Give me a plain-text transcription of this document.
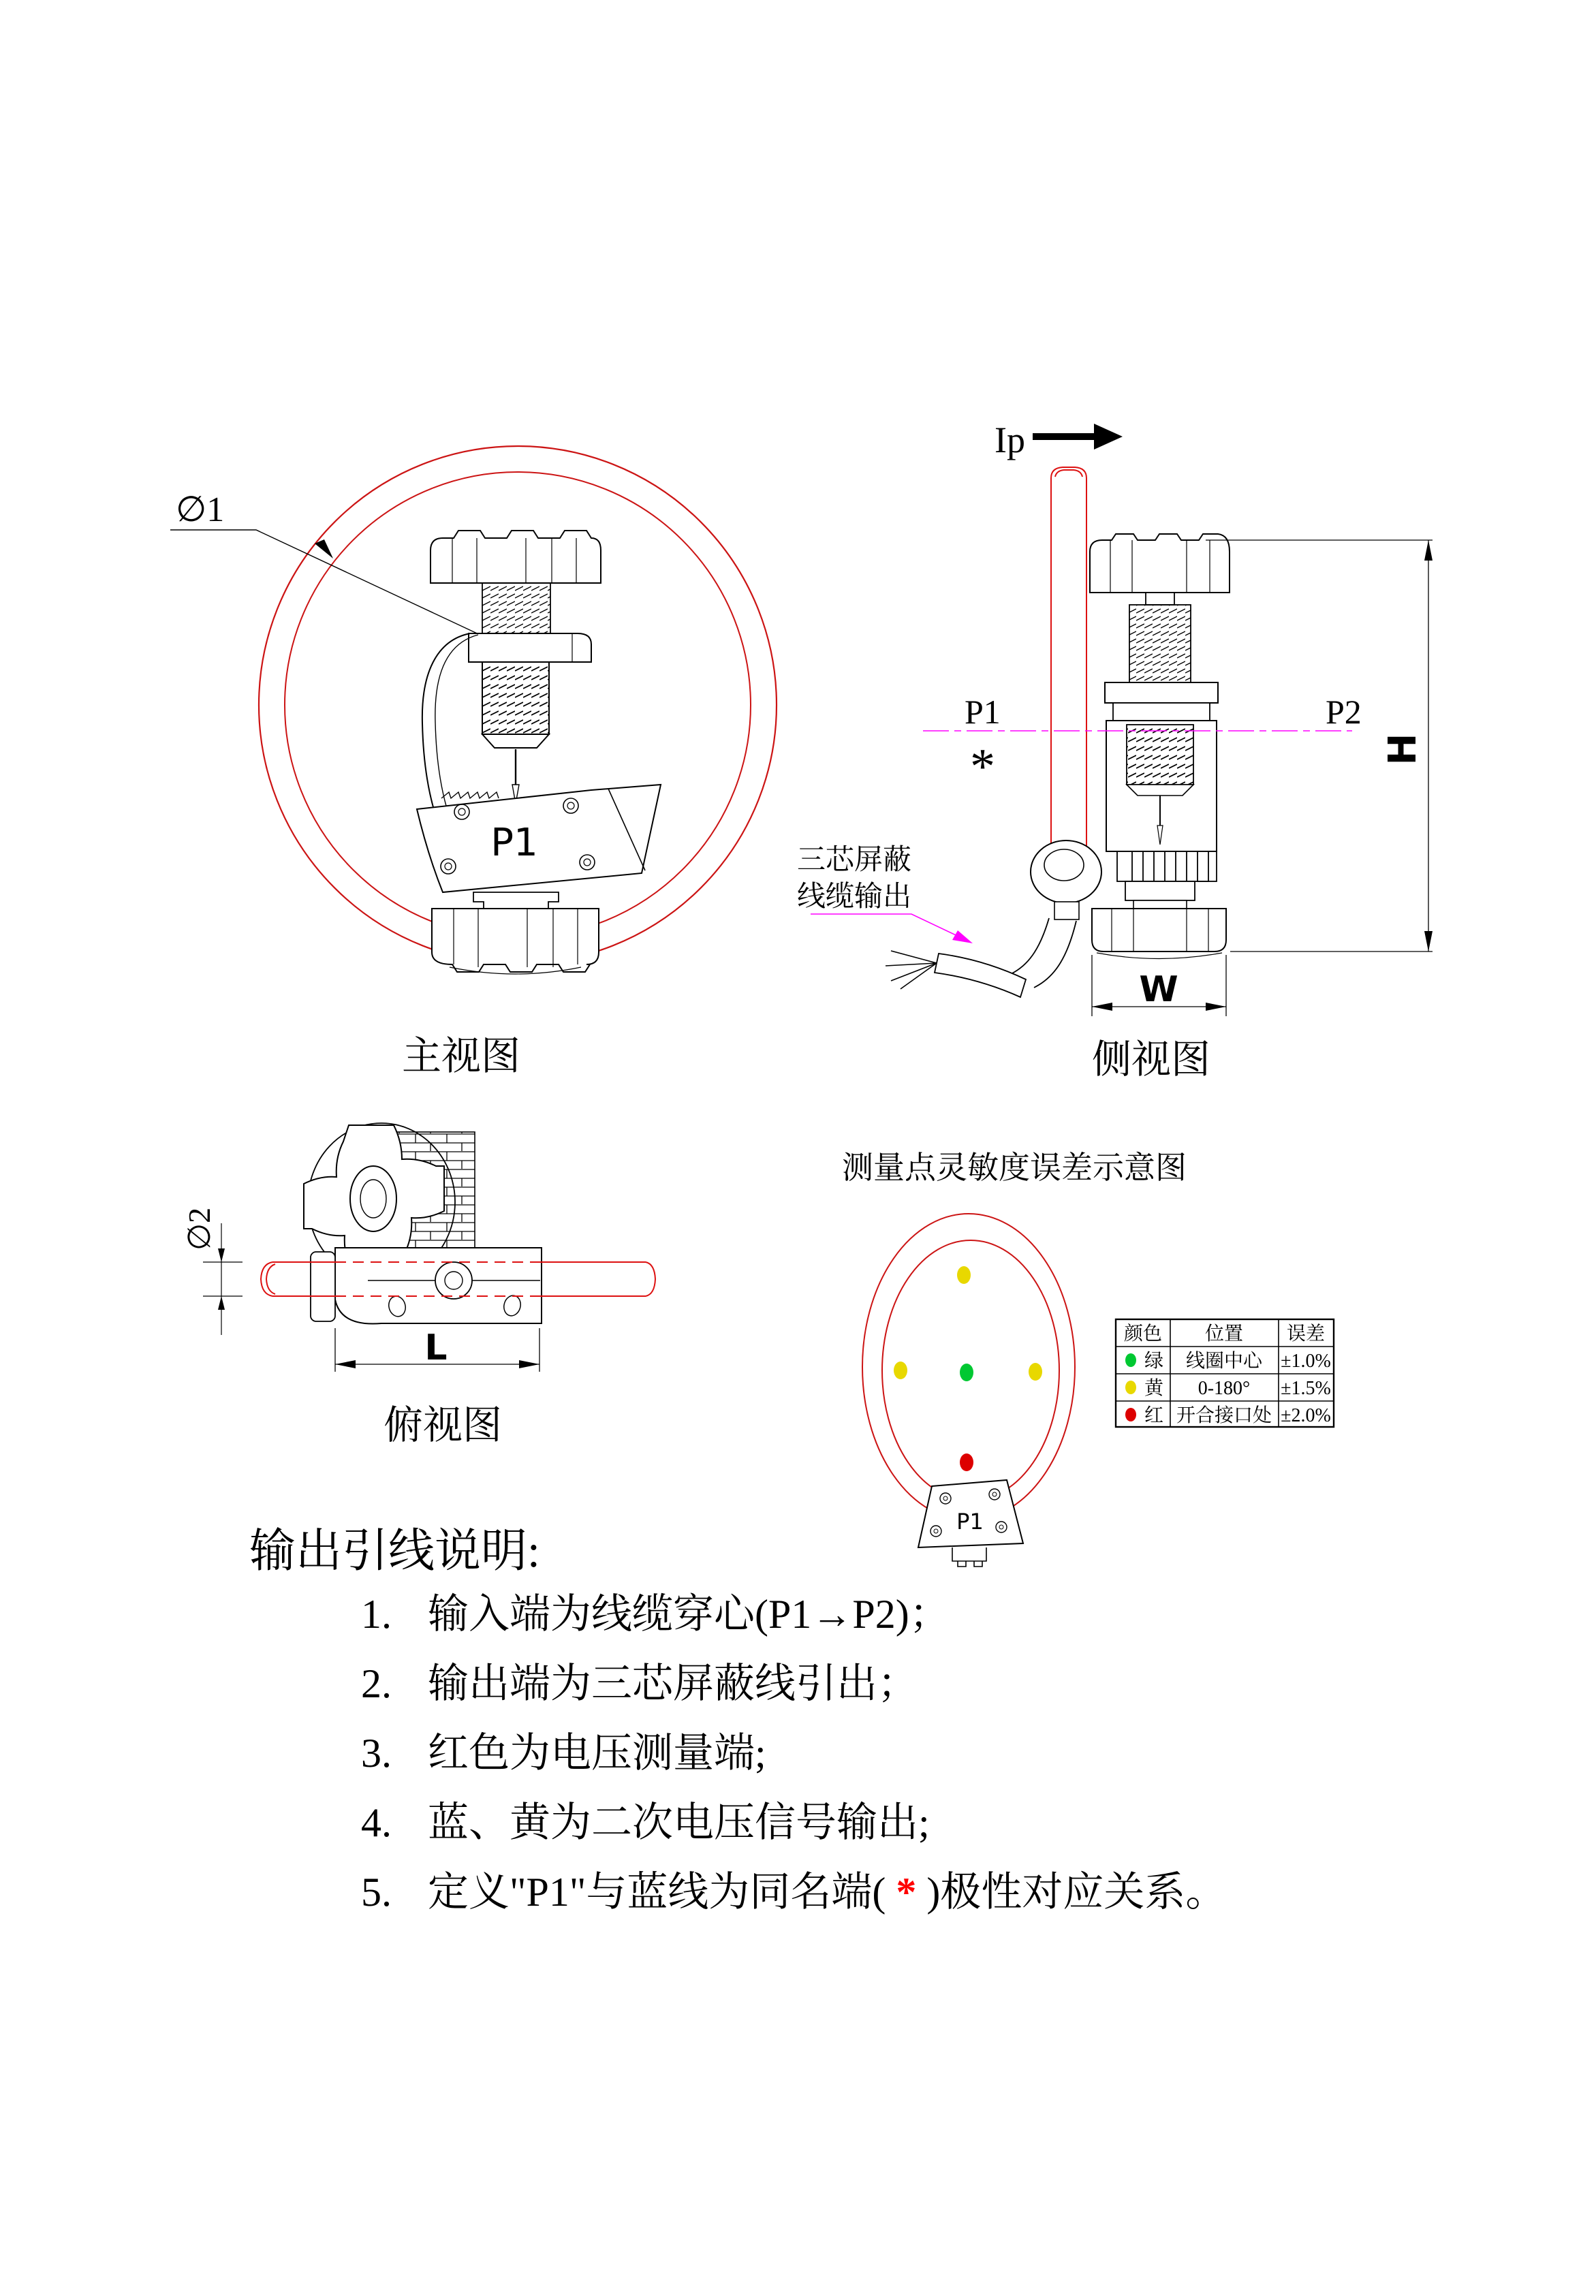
∅1
P1
主视图
Ip
P1	P2
*
三芯屏蔽
线缆输出
H
W
侧视图
∅2
L
俯视图
测量点灵敏度误差示意图
P1
颜色 位置 误差
绿 线圈中心 ±1.0%
黄 0-180° ±1.5%
红 开合接口处 ±2.0%
输出引线说明:
1. 输入端为线缆穿心(P1→P2)；
2. 输出端为三芯屏蔽线引出；
3. 红色为电压测量端;
4. 蓝、黄为二次电压信号输出;
5. 定义"P1"与蓝线为同名端( * )极性对应关系。
